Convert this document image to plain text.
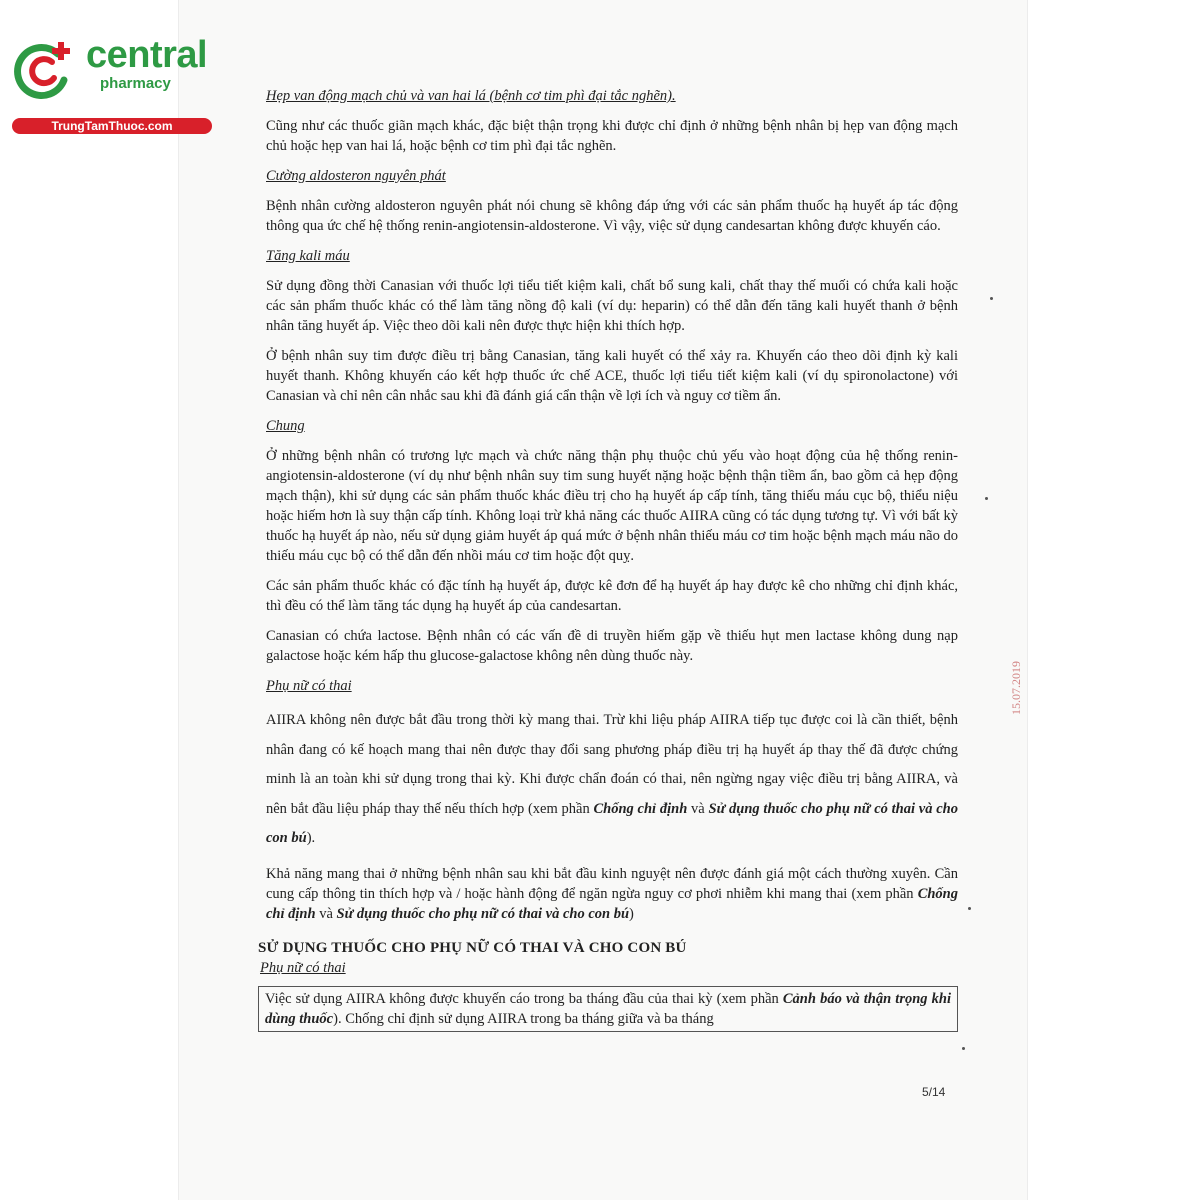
central
pharmacy
TrungTamThuoc.com
Hẹp van động mạch chủ và van hai lá (bệnh cơ tim phì đại tắc nghẽn).

Cũng như các thuốc giãn mạch khác, đặc biệt thận trọng khi được chỉ định ở những bệnh nhân bị hẹp van động mạch chủ hoặc hẹp van hai lá, hoặc bệnh cơ tim phì đại tắc nghẽn.

Cường aldosteron nguyên phát

Bệnh nhân cường aldosteron nguyên phát nói chung sẽ không đáp ứng với các sản phẩm thuốc hạ huyết áp tác động thông qua ức chế hệ thống renin-angiotensin-aldosterone. Vì vậy, việc sử dụng candesartan không được khuyến cáo.

Tăng kali máu

Sử dụng đồng thời Canasian với thuốc lợi tiểu tiết kiệm kali, chất bổ sung kali, chất thay thế muối có chứa kali hoặc các sản phẩm thuốc khác có thể làm tăng nồng độ kali (ví dụ: heparin) có thể dẫn đến tăng kali huyết thanh ở bệnh nhân tăng huyết áp. Việc theo dõi kali nên được thực hiện khi thích hợp.

Ở bệnh nhân suy tim được điều trị bằng Canasian, tăng kali huyết có thể xảy ra. Khuyến cáo theo dõi định kỳ kali huyết thanh. Không khuyến cáo kết hợp thuốc ức chế ACE, thuốc lợi tiểu tiết kiệm kali (ví dụ spironolactone) với Canasian và chỉ nên cân nhắc sau khi đã đánh giá cẩn thận về lợi ích và nguy cơ tiềm ẩn.

Chung

Ở những bệnh nhân có trương lực mạch và chức năng thận phụ thuộc chủ yếu vào hoạt động của hệ thống renin-angiotensin-aldosterone (ví dụ như bệnh nhân suy tim sung huyết nặng hoặc bệnh thận tiềm ẩn, bao gồm cả hẹp động mạch thận), khi sử dụng các sản phẩm thuốc khác điều trị cho hạ huyết áp cấp tính, tăng thiếu máu cục bộ, thiểu niệu hoặc hiếm hơn là suy thận cấp tính. Không loại trừ khả năng các thuốc AIIRA cũng có tác dụng tương tự. Vì với bất kỳ thuốc hạ huyết áp nào, nếu sử dụng giảm huyết áp quá mức ở bệnh nhân thiếu máu cơ tim hoặc bệnh mạch máu não do thiếu máu cục bộ có thể dẫn đến nhồi máu cơ tim hoặc đột quỵ.

Các sản phẩm thuốc khác có đặc tính hạ huyết áp, được kê đơn để hạ huyết áp hay được kê cho những chỉ định khác, thì đều có thể làm tăng tác dụng hạ huyết áp của candesartan.

Canasian có chứa lactose. Bệnh nhân có các vấn đề di truyền hiếm gặp về thiếu hụt men lactase không dung nạp galactose hoặc kém hấp thu glucose-galactose không nên dùng thuốc này.

Phụ nữ có thai

AIIRA không nên được bắt đầu trong thời kỳ mang thai. Trừ khi liệu pháp AIIRA tiếp tục được coi là cần thiết, bệnh nhân đang có kế hoạch mang thai nên được thay đổi sang phương pháp điều trị hạ huyết áp thay thế đã được chứng minh là an toàn khi sử dụng trong thai kỳ. Khi được chẩn đoán có thai, nên ngừng ngay việc điều trị bằng AIIRA, và nên bắt đầu liệu pháp thay thế nếu thích hợp (xem phần Chống chỉ định và Sử dụng thuốc cho phụ nữ có thai và cho con bú).

Khả năng mang thai ở những bệnh nhân sau khi bắt đầu kinh nguyệt nên được đánh giá một cách thường xuyên. Cần cung cấp thông tin thích hợp và / hoặc hành động để ngăn ngừa nguy cơ phơi nhiễm khi mang thai (xem phần Chống chỉ định và Sử dụng thuốc cho phụ nữ có thai và cho con bú)

SỬ DỤNG THUỐC CHO PHỤ NỮ CÓ THAI VÀ CHO CON BÚ
Phụ nữ có thai
Việc sử dụng AIIRA không được khuyến cáo trong ba tháng đầu của thai kỳ (xem phần Cảnh báo và thận trọng khi dùng thuốc). Chống chỉ định sử dụng AIIRA trong ba tháng giữa và ba tháng
5/14
15.07.2019
